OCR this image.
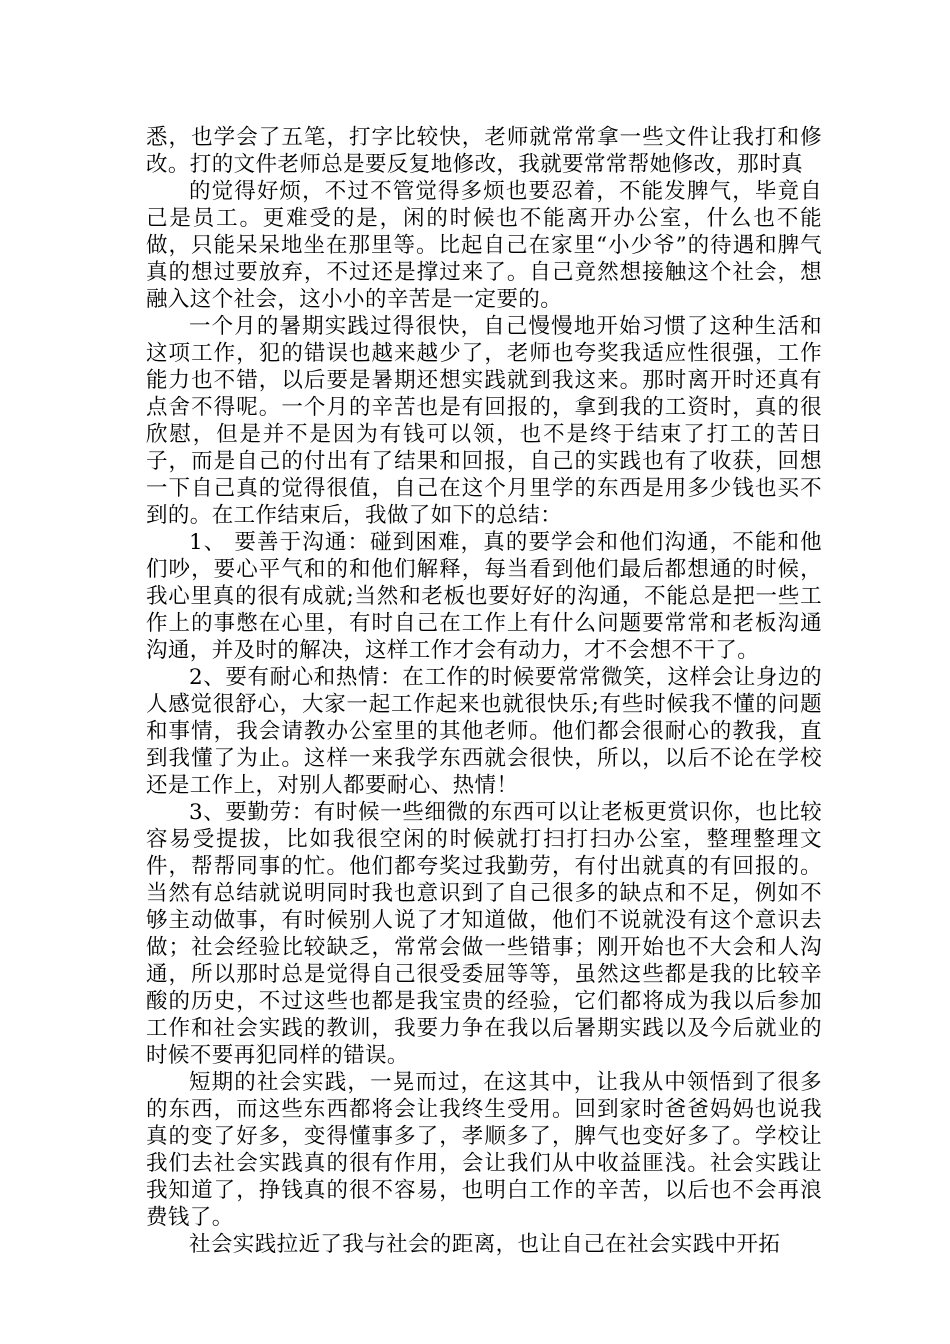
悉，也学会了五笔，打字比较快，老师就常常拿一些文件让我打和修改。打的文件老师总是要反复地修改，我就要常常帮她修改，那时真

的觉得好烦，不过不管觉得多烦也要忍着，不能发脾气，毕竟自己是员工。更难受的是，闲的时候也不能离开办公室，什么也不能做，只能呆呆地坐在那里等。比起自己在家里“小少爷”的待遇和脾气真的想过要放弃，不过还是撑过来了。自己竟然想接触这个社会，想融入这个社会，这小小的辛苦是一定要的。

一个月的暑期实践过得很快，自己慢慢地开始习惯了这种生活和这项工作，犯的错误也越来越少了，老师也夸奖我适应性很强，工作能力也不错，以后要是暑期还想实践就到我这来。那时离开时还真有点舍不得呢。一个月的辛苦也是有回报的，拿到我的工资时，真的很欣慰，但是并不是因为有钱可以领，也不是终于结束了打工的苦日子，而是自己的付出有了结果和回报，自己的实践也有了收获，回想一下自己真的觉得很值，自己在这个月里学的东西是用多少钱也买不到的。在工作结束后，我做了如下的总结：

1、 要善于沟通：碰到困难，真的要学会和他们沟通，不能和他们吵，要心平气和的和他们解释，每当看到他们最后都想通的时候，我心里真的很有成就;当然和老板也要好好的沟通，不能总是把一些工作上的事憋在心里，有时自己在工作上有什么问题要常常和老板沟通沟通，并及时的解决，这样工作才会有动力，才不会想不干了。

2、要有耐心和热情：在工作的时候要常常微笑，这样会让身边的人感觉很舒心，大家一起工作起来也就很快乐;有些时候我不懂的问题和事情，我会请教办公室里的其他老师。他们都会很耐心的教我，直到我懂了为止。这样一来我学东西就会很快，所以，以后不论在学校还是工作上，对别人都要耐心、热情！

3、要勤劳：有时候一些细微的东西可以让老板更赏识你，也比较容易受提拔，比如我很空闲的时候就打扫打扫办公室，整理整理文件，帮帮同事的忙。他们都夸奖过我勤劳，有付出就真的有回报的。 当然有总结就说明同时我也意识到了自己很多的缺点和不足，例如不够主动做事，有时候别人说了才知道做，他们不说就没有这个意识去做；社会经验比较缺乏，常常会做一些错事；刚开始也不大会和人沟通，所以那时总是觉得自己很受委屈等等，虽然这些都是我的比较辛酸的历史，不过这些也都是我宝贵的经验，它们都将成为我以后参加工作和社会实践的教训，我要力争在我以后暑期实践以及今后就业的时候不要再犯同样的错误。

短期的社会实践，一晃而过，在这其中，让我从中领悟到了很多的东西，而这些东西都将会让我终生受用。回到家时爸爸妈妈也说我真的变了好多，变得懂事多了，孝顺多了，脾气也变好多了。学校让我们去社会实践真的很有作用，会让我们从中收益匪浅。社会实践让我知道了，挣钱真的很不容易，也明白工作的辛苦，以后也不会再浪费钱了。

社会实践拉近了我与社会的距离，也让自己在社会实践中开拓
